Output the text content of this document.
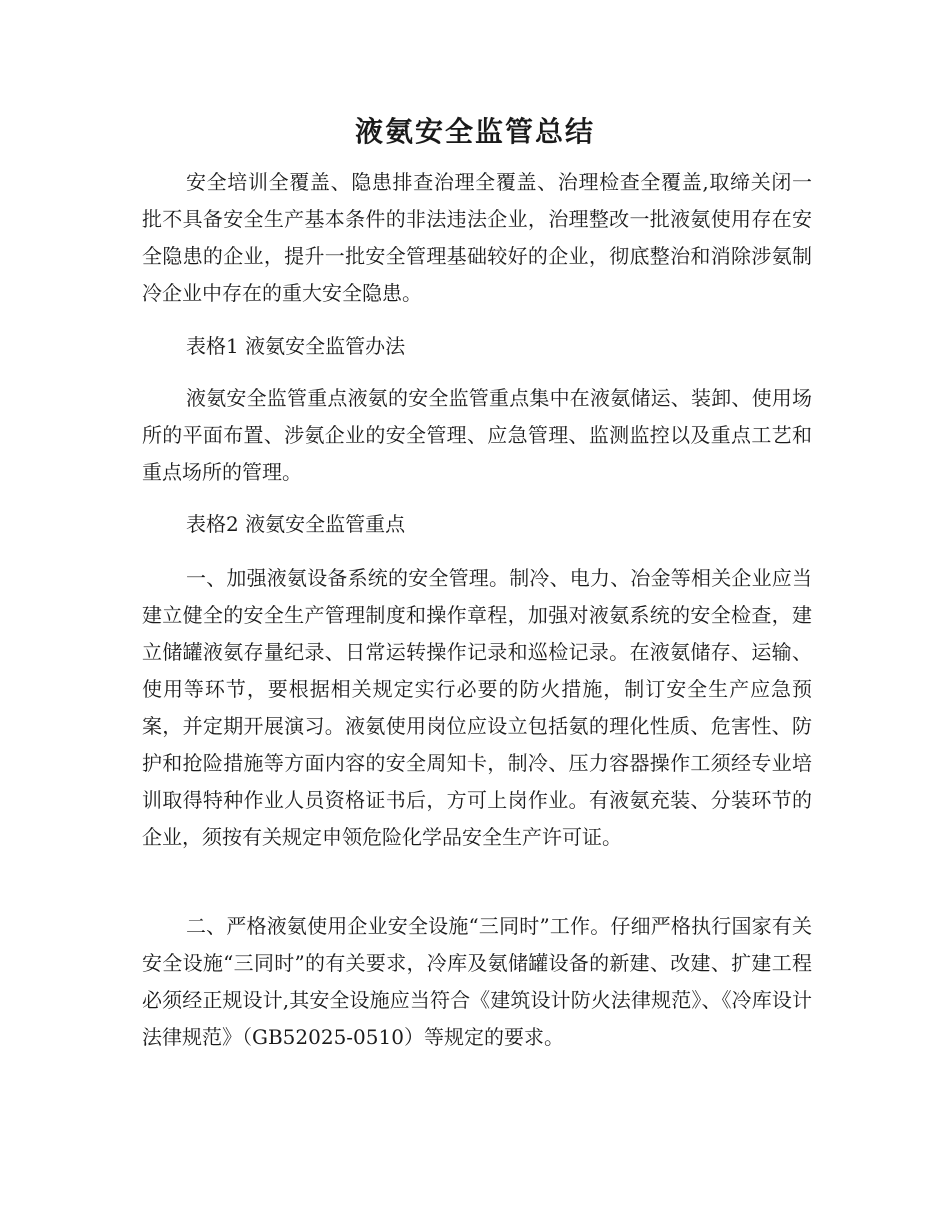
液氨安全监管总结

安全培训全覆盖、隐患排查治理全覆盖、治理检查全覆盖,取缔关闭一批不具备安全生产基本条件的非法违法企业，治理整改一批液氨使用存在安全隐患的企业，提升一批安全管理基础较好的企业，彻底整治和消除涉氨制冷企业中存在的重大安全隐患。

表格1 液氨安全监管办法

液氨安全监管重点液氨的安全监管重点集中在液氨储运、装卸、使用场所的平面布置、涉氨企业的安全管理、应急管理、监测监控以及重点工艺和重点场所的管理。

表格2 液氨安全监管重点

一、加强液氨设备系统的安全管理。制冷、电力、冶金等相关企业应当建立健全的安全生产管理制度和操作章程，加强对液氨系统的安全检查，建立储罐液氨存量纪录、日常运转操作记录和巡检记录。在液氨储存、运输、使用等环节，要根据相关规定实行必要的防火措施，制订安全生产应急预案，并定期开展演习。液氨使用岗位应设立包括氨的理化性质、危害性、防护和抢险措施等方面内容的安全周知卡，制冷、压力容器操作工须经专业培训取得特种作业人员资格证书后，方可上岗作业。有液氨充装、分装环节的企业，须按有关规定申领危险化学品安全生产许可证。

二、严格液氨使用企业安全设施“三同时”工作。仔细严格执行国家有关安全设施“三同时”的有关要求，冷库及氨储罐设备的新建、改建、扩建工程必须经正规设计,其安全设施应当符合《建筑设计防火法律规范》、《冷库设计法律规范》（GB52025-0510）等规定的要求。
